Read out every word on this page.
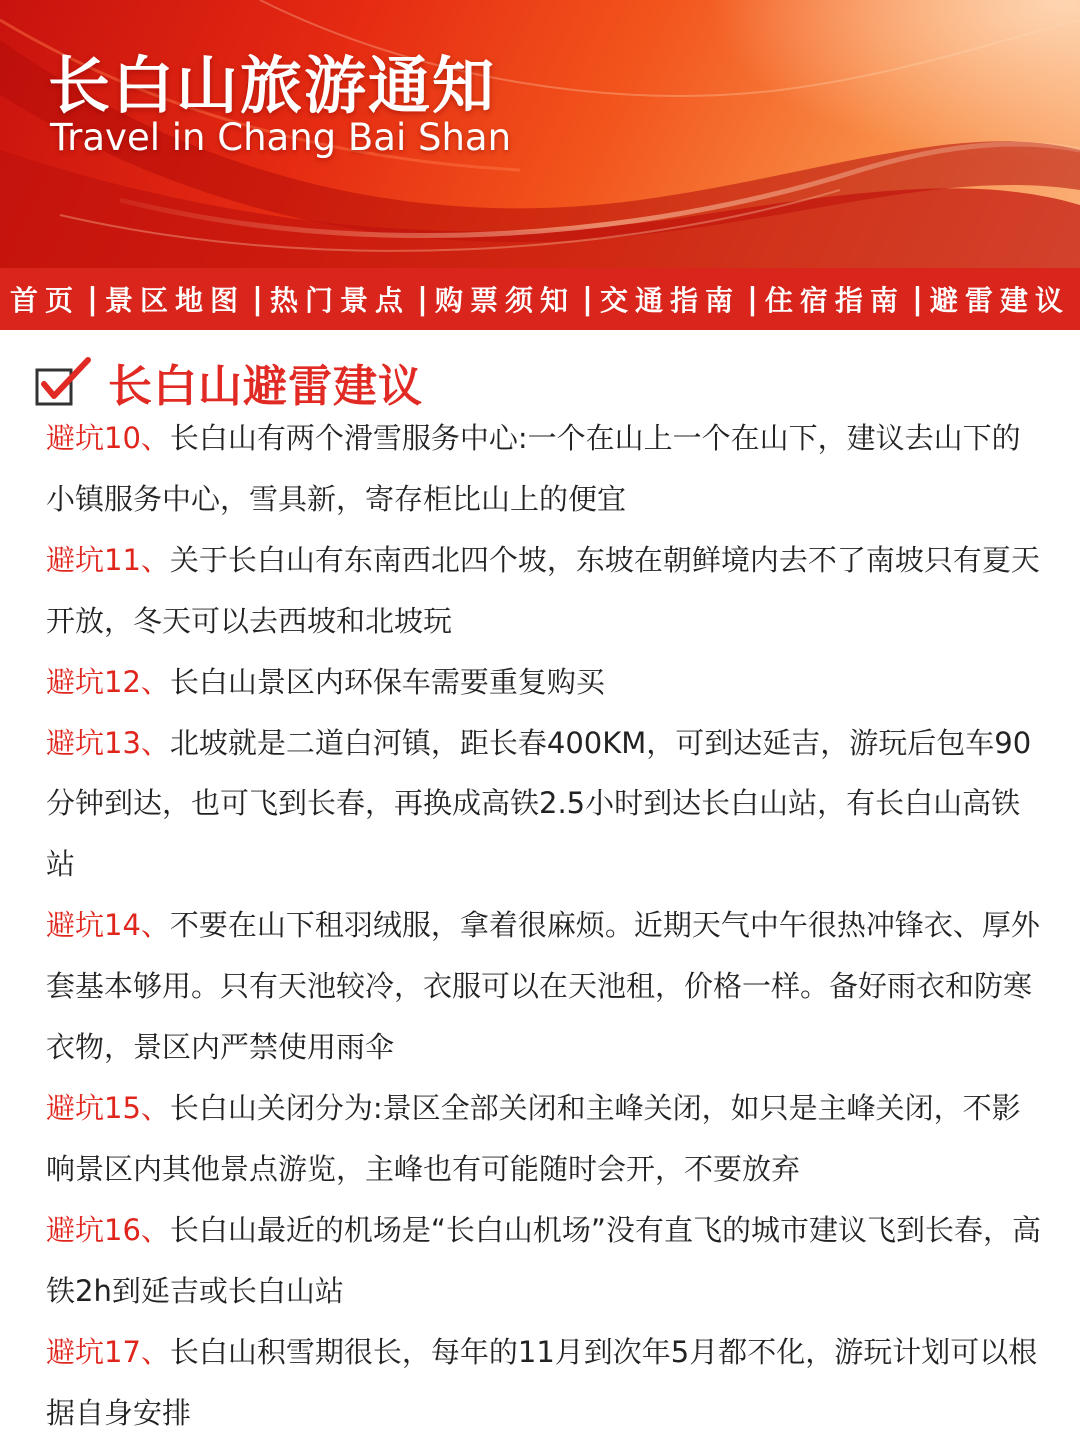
长白山旅游通知
Travel in Chang Bai Shan
首页 | 景区地图 | 热门景点 | 购票须知 | 交通指南 | 住宿指南 | 避雷建议
长白山避雷建议

避坑10、长白山有两个滑雪服务中心:一个在山上一个在山下，建议去山下的小镇服务中心，雪具新，寄存柜比山上的便宜

避坑11、关于长白山有东南西北四个坡，东坡在朝鲜境内去不了南坡只有夏天开放，冬天可以去西坡和北坡玩

避坑12、长白山景区内环保车需要重复购买

避坑13、北坡就是二道白河镇，距长春400KM，可到达延吉，游玩后包车90分钟到达，也可飞到长春，再换成高铁2.5小时到达长白山站，有长白山高铁站

避坑14、不要在山下租羽绒服，拿着很麻烦。近期天气中午很热冲锋衣、厚外套基本够用。只有天池较冷，衣服可以在天池租，价格一样。备好雨衣和防寒衣物，景区内严禁使用雨伞

避坑15、长白山关闭分为:景区全部关闭和主峰关闭，如只是主峰关闭，不影响景区内其他景点游览，主峰也有可能随时会开，不要放弃

避坑16、长白山最近的机场是“长白山机场”没有直飞的城市建议飞到长春，高铁2h到延吉或长白山站

避坑17、长白山积雪期很长，每年的11月到次年5月都不化，游玩计划可以根据自身安排
